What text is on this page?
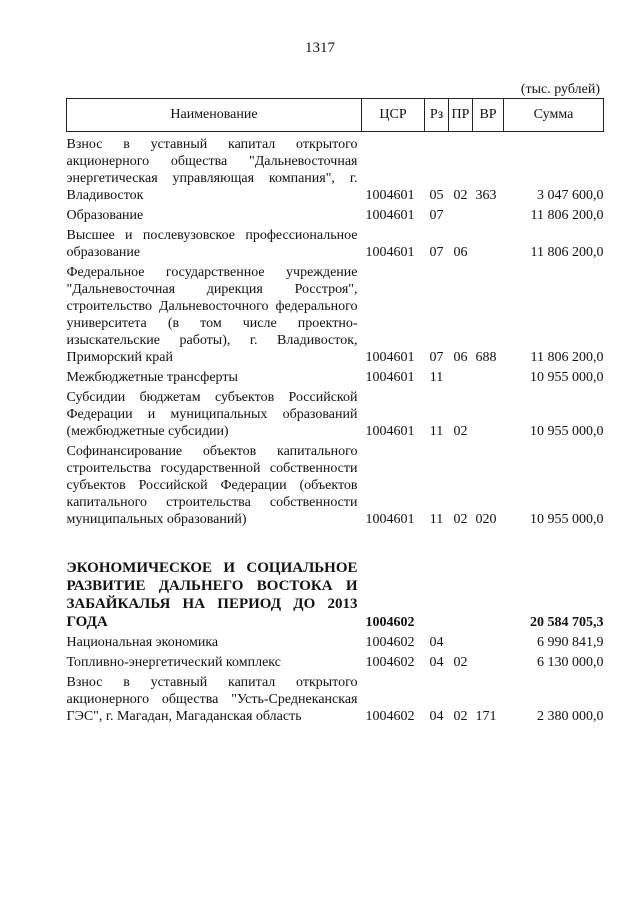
1317
(тыс. рублей)
Наименование	ЦСР	Рз	ПР	ВР	Сумма
Взнос в уставный капитал открытого акционерного общества "Дальневосточная энергетическая управляющая компания", г. Владивосток	1004601	05	02	363	3 047 600,0
Образование	1004601	07			11 806 200,0
Высшее и послевузовское профессиональное образование	1004601	07	06		11 806 200,0
Федеральное государственное учреждение "Дальневосточная дирекция Росстроя", строительство Дальневосточного федерального университета (в том числе проектно-изыскательские работы), г. Владивосток, Приморский край	1004601	07	06	688	11 806 200,0
Межбюджетные трансферты	1004601	11			10 955 000,0
Субсидии бюджетам субъектов Российской Федерации и муниципальных образований (межбюджетные субсидии)	1004601	11	02		10 955 000,0
Софинансирование объектов капитального строительства государственной собственности субъектов Российской Федерации (объектов капитального строительства собственности муниципальных образований)	1004601	11	02	020	10 955 000,0

ЭКОНОМИЧЕСКОЕ И СОЦИАЛЬНОЕ РАЗВИТИЕ ДАЛЬНЕГО ВОСТОКА И ЗАБАЙКАЛЬЯ НА ПЕРИОД ДО 2013 ГОДА	1004602				20 584 705,3
Национальная экономика	1004602	04			6 990 841,9
Топливно-энергетический комплекс	1004602	04	02		6 130 000,0
Взнос в уставный капитал открытого акционерного общества "Усть-Среднеканская ГЭС", г. Магадан, Магаданская область	1004602	04	02	171	2 380 000,0
